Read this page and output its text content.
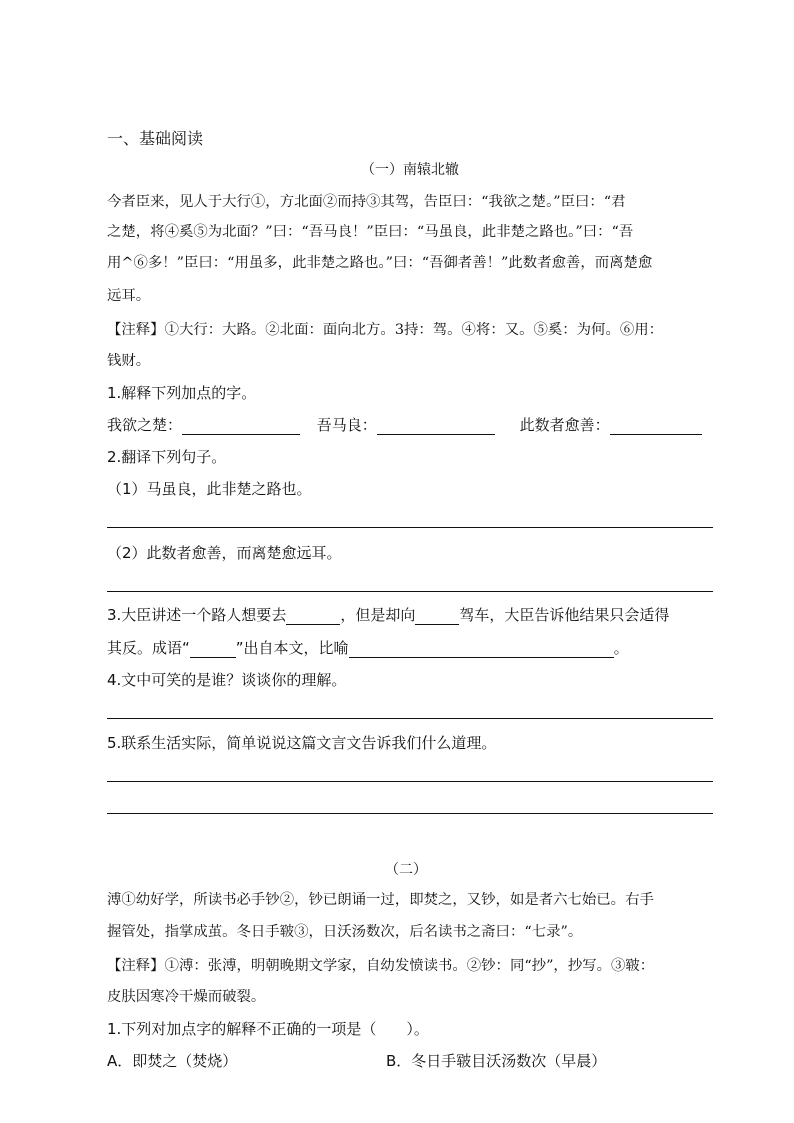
一、基础阅读
（一）南辕北辙
今者臣来，见人于大行①，方北面②而持③其驾，告臣曰：“我欲之楚。”臣曰：“君
之楚，将④奚⑤为北面？”曰：“吾马良！”臣曰：“马虽良，此非楚之路也。”曰：“吾
用^⑥多！”臣曰：“用虽多，此非楚之路也。”曰：“吾御者善！”此数者愈善，而离楚愈
远耳。
【注释】①大行：大路。②北面：面向北方。3持：驾。④将：又。⑤奚：为何。⑥用：
钱财。
1.解释下列加点的字。
我欲之楚：	吾马良：	此数者愈善：
2.翻译下列句子。
（1）马虽良，此非楚之路也。
（2）此数者愈善，而离楚愈远耳。
3.大臣讲述一个路人想要去	，但是却向	驾车，大臣告诉他结果只会适得
其反。成语“	”出自本文，比喻	。
4.文中可笑的是谁？谈谈你的理解。
5.联系生活实际，简单说说这篇文言文告诉我们什么道理。
（二）
溥①幼好学，所读书必手钞②，钞已朗诵一过，即焚之，又钞，如是者六七始已。右手
握管处，指掌成茧。冬日手皲③，日沃汤数次，后名读书之斋曰：“七录”。
【注释】①溥：张溥，明朝晚期文学家，自幼发愤读书。②钞：同“抄”，抄写。③皲：
皮肤因寒冷干燥而破裂。
1.下列对加点字的解释不正确的一项是（　　）。
A．即焚之（焚烧）	B．冬日手皲目沃汤数次（早晨）
